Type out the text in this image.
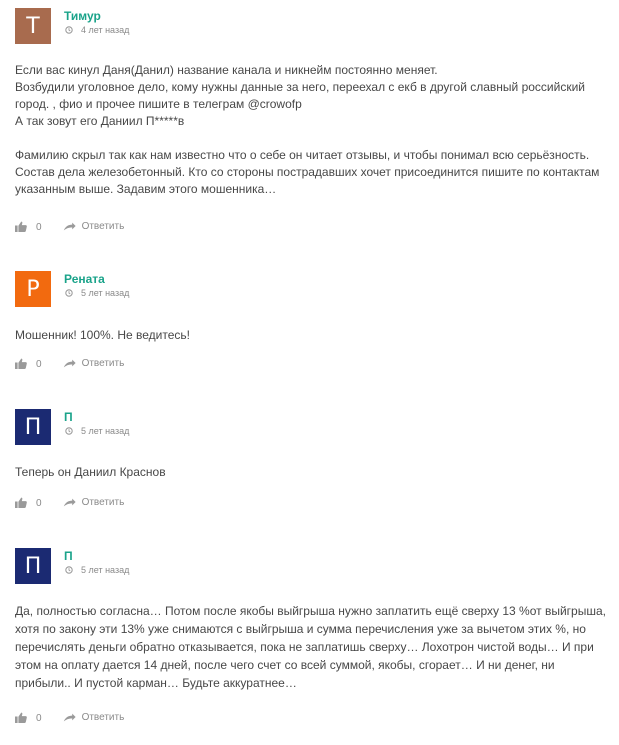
Т Тимур
4 лет назад

Если вас кинул Даня(Данил) название канала и никнейм постоянно меняет.
Возбудили уголовное дело, кому нужны данные за него, переехал с екб в другой славный российский город. , фио и прочее пишите в телеграм @crowofp
А так зовут его Даниил П*****в

Фамилию скрыл так как нам известно что о себе он читает отзывы, и чтобы понимал всю серьёзность. Состав дела железобетонный. Кто со стороны пострадавших хочет присоединится пишите по контактам указанным выше. Задавим этого мошенника…

0	Ответить
Р Рената
5 лет назад

Мошенник! 100%. Не ведитесь!

0	Ответить
П П
5 лет назад

Теперь он Даниил Краснов

0	Ответить
П П
5 лет назад

Да, полностью согласна… Потом после якобы выйгрыша нужно заплатить ещё сверху 13 %от выйгрыша, хотя по закону эти 13% уже снимаются с выйгрыша и сумма перечисления уже за вычетом этих %, но перечислять деньги обратно отказывается, пока не заплатишь сверху… Лохотрон чистой воды… И при этом на оплату дается 14 дней, после чего счет со всей суммой, якобы, сгорает… И ни денег, ни прибыли.. И пустой карман… Будьте аккуратнее…

0	Ответить
